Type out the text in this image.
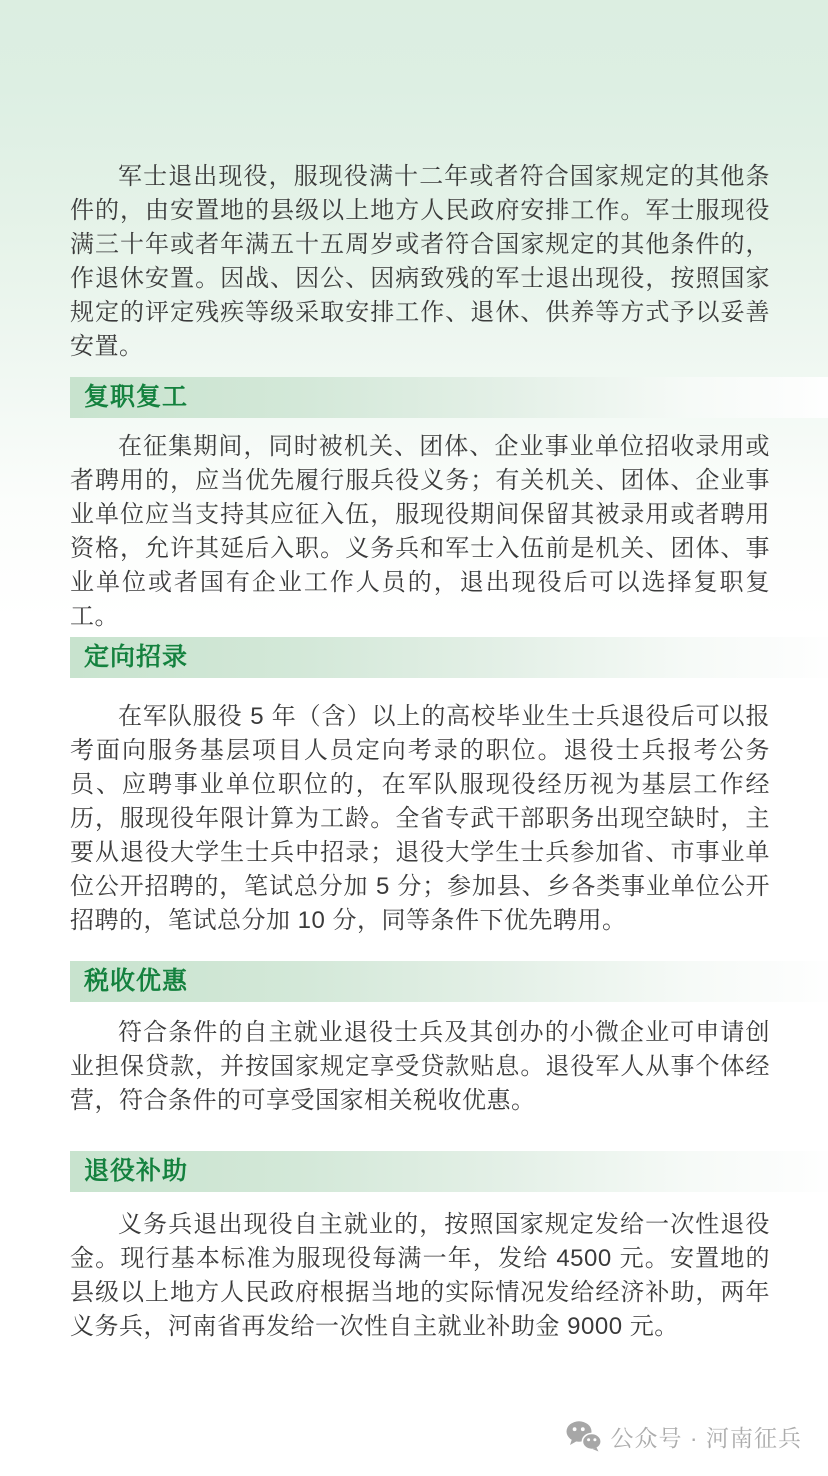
军士退出现役，服现役满十二年或者符合国家规定的其他条件的，由安置地的县级以上地方人民政府安排工作。军士服现役满三十年或者年满五十五周岁或者符合国家规定的其他条件的，作退休安置。因战、因公、因病致残的军士退出现役，按照国家规定的评定残疾等级采取安排工作、退休、供养等方式予以妥善安置。

复职复工

在征集期间，同时被机关、团体、企业事业单位招收录用或者聘用的，应当优先履行服兵役义务；有关机关、团体、企业事业单位应当支持其应征入伍，服现役期间保留其被录用或者聘用资格，允许其延后入职。义务兵和军士入伍前是机关、团体、事业单位或者国有企业工作人员的，退出现役后可以选择复职复工。

定向招录

在军队服役 5 年（含）以上的高校毕业生士兵退役后可以报考面向服务基层项目人员定向考录的职位。退役士兵报考公务员、应聘事业单位职位的，在军队服现役经历视为基层工作经历，服现役年限计算为工龄。全省专武干部职务出现空缺时，主要从退役大学生士兵中招录；退役大学生士兵参加省、市事业单位公开招聘的，笔试总分加 5 分；参加县、乡各类事业单位公开招聘的，笔试总分加 10 分，同等条件下优先聘用。

税收优惠

符合条件的自主就业退役士兵及其创办的小微企业可申请创业担保贷款，并按国家规定享受贷款贴息。退役军人从事个体经营，符合条件的可享受国家相关税收优惠。

退役补助

义务兵退出现役自主就业的，按照国家规定发给一次性退役金。现行基本标准为服现役每满一年，发给 4500 元。安置地的县级以上地方人民政府根据当地的实际情况发给经济补助，两年义务兵，河南省再发给一次性自主就业补助金 9000 元。

公众号 · 河南征兵
